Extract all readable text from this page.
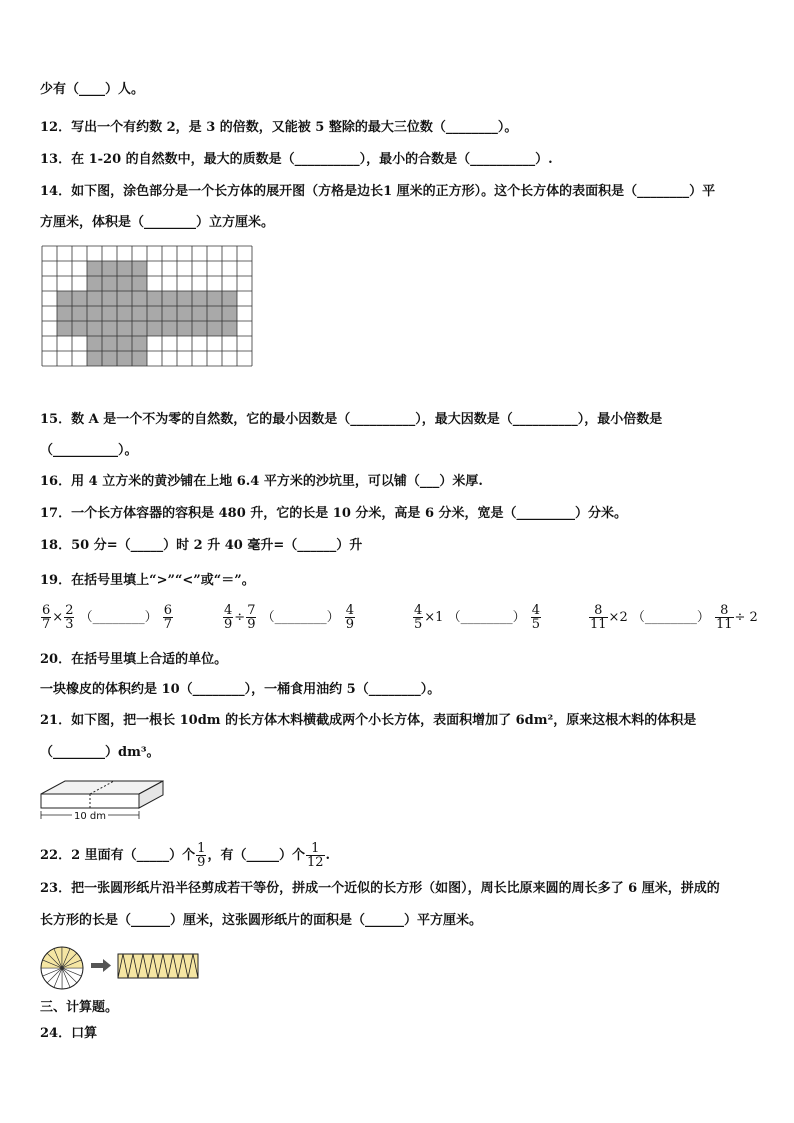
少有（____）人。
12．写出一个有约数 2，是 3 的倍数，又能被 5 整除的最大三位数（________）。
13．在 1-20 的自然数中，最大的质数是（__________），最小的合数是（__________）.
14．如下图，涂色部分是一个长方体的展开图（方格是边长1 厘米的正方形）。这个长方体的表面积是（________）平
方厘米，体积是（________）立方厘米。
15．数 A 是一个不为零的自然数，它的最小因数是（__________），最大因数是（__________），最小倍数是
（__________）。
16．用 4 立方米的黄沙铺在上地 6.4 平方米的沙坑里，可以铺（___）米厚.
17．一个长方体容器的容积是 480 升，它的长是 10 分米，高是 6 分米，宽是（_________）分米。
18．50 分=（_____）时 2 升 40 毫升=（______）升
19．在括号里填上“>”“<”或“＝”。
$\frac{6}{7} \times \frac{2}{3}$ （________） $\frac{6}{7}$	$\frac{4}{9} \div \frac{7}{9}$ （________） $\frac{4}{9}$	$\frac{4}{5} \times 1$ （________） $\frac{4}{5}$	$\frac{8}{11} \times 2$ （________） $\frac{8}{11} \div 2$
20．在括号里填上合适的单位。
一块橡皮的体积约是 10（________），一桶食用油约 5（________）。
21．如下图，把一根长 10dm 的长方体木料横截成两个小长方体，表面积增加了 6dm²，原来这根木料的体积是
（________）dm³。
10 dm
22．2 里面有（_____）个 $\frac{1}{9}$ ，有（_____）个 $\frac{1}{12}$ .
23．把一张圆形纸片沿半径剪成若干等份，拼成一个近似的长方形（如图），周长比原来圆的周长多了 6 厘米，拼成的
长方形的长是（______）厘米，这张圆形纸片的面积是（______）平方厘米。
三、计算题。
24．口算
